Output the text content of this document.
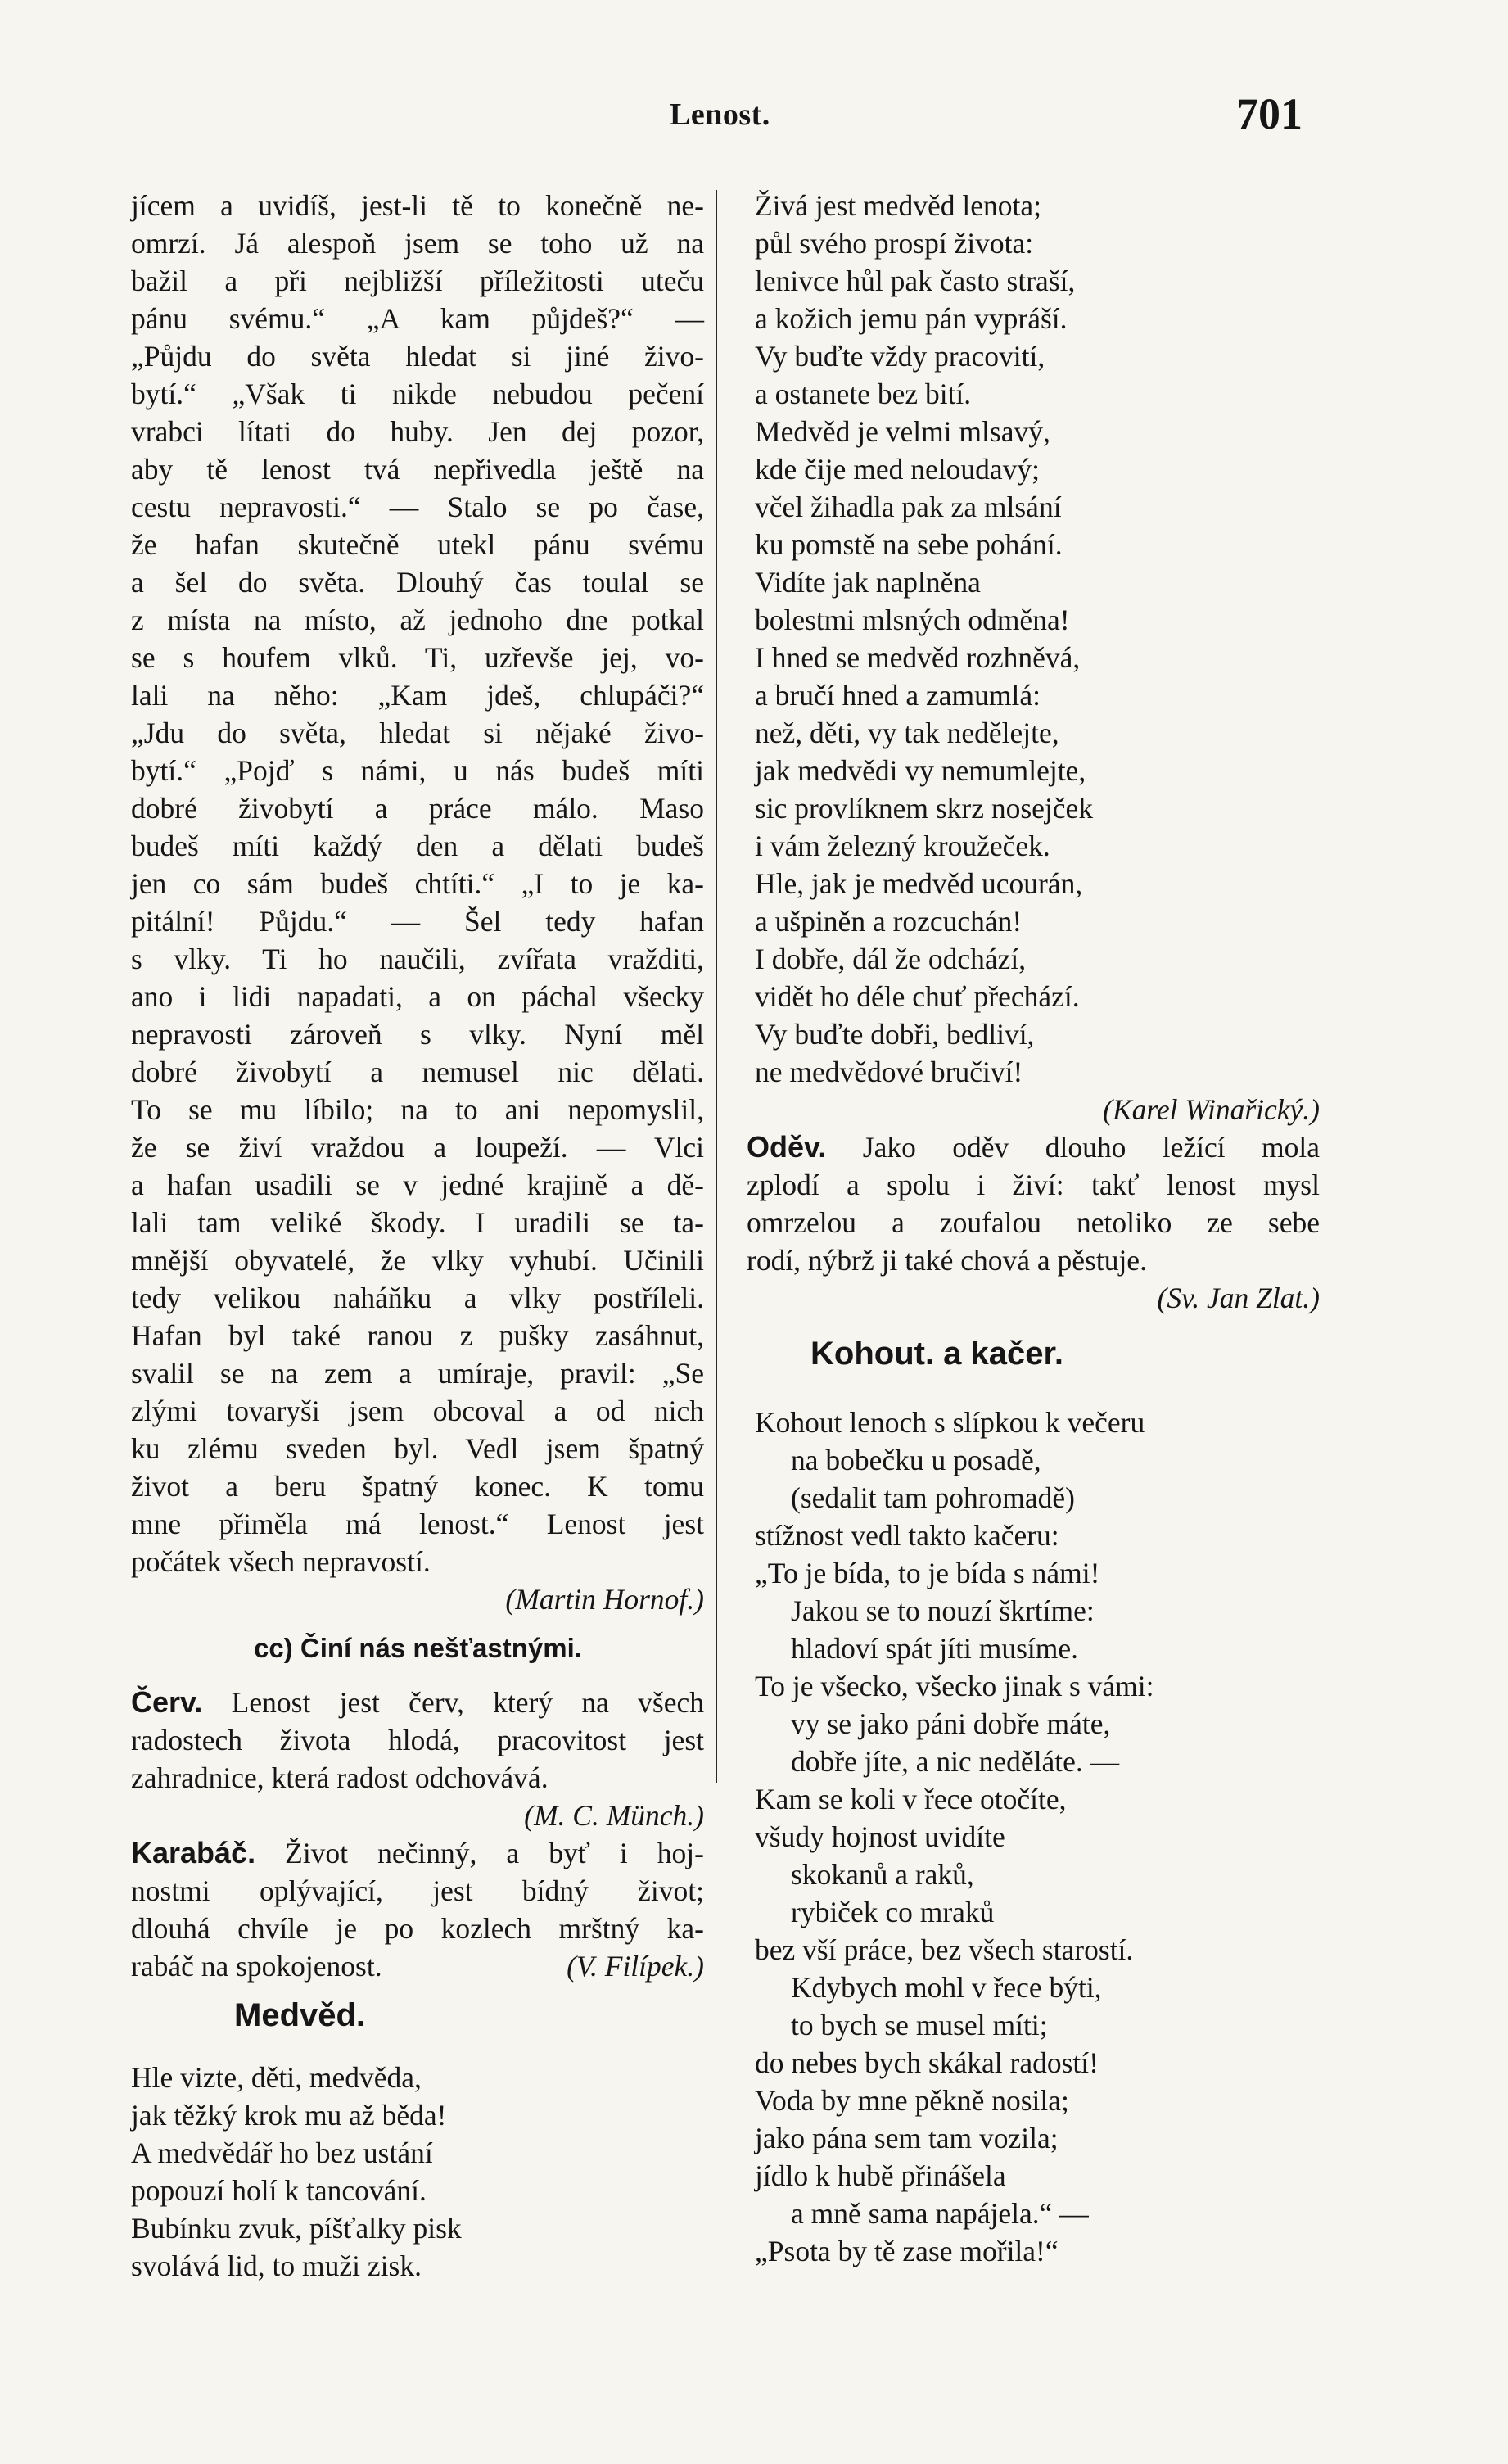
Lenost.	701
jícem a uvidíš, jest-li tě to konečně ne-
omrzí. Já alespoň jsem se toho už na
bažil a při nejbližší příležitosti uteču
pánu svému.“ „A kam půjdeš?“ —
„Půjdu do světa hledat si jiné živo-
bytí.“ „Však ti nikde nebudou pečení
vrabci lítati do huby. Jen dej pozor,
aby tě lenost tvá nepřivedla ještě na
cestu nepravosti.“ — Stalo se po čase,
že hafan skutečně utekl pánu svému
a šel do světa. Dlouhý čas toulal se
z místa na místo, až jednoho dne potkal
se s houfem vlků. Ti, uzřevše jej, vo-
lali na něho: „Kam jdeš, chlupáči?“
„Jdu do světa, hledat si nějaké živo-
bytí.“ „Pojď s námi, u nás budeš míti
dobré živobytí a práce málo. Maso
budeš míti každý den a dělati budeš
jen co sám budeš chtíti.“ „I to je ka-
pitální! Půjdu.“ — Šel tedy hafan
s vlky. Ti ho naučili, zvířata vražditi,
ano i lidi napadati, a on páchal všecky
nepravosti zároveň s vlky. Nyní měl
dobré živobytí a nemusel nic dělati.
To se mu líbilo; na to ani nepomyslil,
že se živí vraždou a loupeží. — Vlci
a hafan usadili se v jedné krajině a dě-
lali tam veliké škody. I uradili se ta-
mnější obyvatelé, že vlky vyhubí. Učinili
tedy velikou naháňku a vlky postříleli.
Hafan byl také ranou z pušky zasáhnut,
svalil se na zem a umíraje, pravil: „Se
zlými tovaryši jsem obcoval a od nich
ku zlému sveden byl. Vedl jsem špatný
život a beru špatný konec. K tomu
mne přiměla má lenost.“ Lenost jest
počátek všech nepravostí.
(Martin Hornof.)
cc) Činí nás nešťastnými.
Červ. Lenost jest červ, který na všech
radostech života hlodá, pracovitost jest
zahradnice, která radost odchovává.
(M. C. Münch.)
Karabáč. Život nečinný, a byť i hoj-
nostmi oplývající, jest bídný život;
dlouhá chvíle je po kozlech mrštný ka-
rabáč na spokojenost.	(V. Filípek.)
Medvěd.
Hle vizte, děti, medvěda,
jak těžký krok mu až běda!
A medvědář ho bez ustání
popouzí holí k tancování.
Bubínku zvuk, píšťalky pisk
svolává lid, to muži zisk.
Živá jest medvěd lenota;
půl svého prospí života:
lenivce hůl pak často straší,
a kožich jemu pán vypráší.
Vy buďte vždy pracovití,
a ostanete bez bití.
Medvěd je velmi mlsavý,
kde čije med neloudavý;
včel žihadla pak za mlsání
ku pomstě na sebe pohání.
Vidíte jak naplněna
bolestmi mlsných odměna!
I hned se medvěd rozhněvá,
a bručí hned a zamumlá:
než, děti, vy tak nedělejte,
jak medvědi vy nemumlejte,
sic provlíknem skrz nosejček
i vám železný kroužeček.
Hle, jak je medvěd ucourán,
a ušpiněn a rozcuchán!
I dobře, dál že odchází,
vidět ho déle chuť přechází.
Vy buďte dobři, bedliví,
ne medvědové bručiví!
(Karel Winařický.)
Oděv. Jako oděv dlouho ležící mola
zplodí a spolu i živí: takť lenost mysl
omrzelou a zoufalou netoliko ze sebe
rodí, nýbrž ji také chová a pěstuje.
(Sv. Jan Zlat.)
Kohout. a kačer.
Kohout lenoch s slípkou k večeru
na bobečku u posadě,
(sedalit tam pohromadě)
stížnost vedl takto kačeru:
„To je bída, to je bída s námi!
Jakou se to nouzí škrtíme:
hladoví spát jíti musíme.
To je všecko, všecko jinak s vámi:
vy se jako páni dobře máte,
dobře jíte, a nic neděláte. —
Kam se koli v řece otočíte,
všudy hojnost uvidíte
skokanů a raků,
rybiček co mraků
bez vší práce, bez všech starostí.
Kdybych mohl v řece býti,
to bych se musel míti;
do nebes bych skákal radostí!
Voda by mne pěkně nosila;
jako pána sem tam vozila;
jídlo k hubě přinášela
a mně sama napájela.“ —
„Psota by tě zase mořila!“
